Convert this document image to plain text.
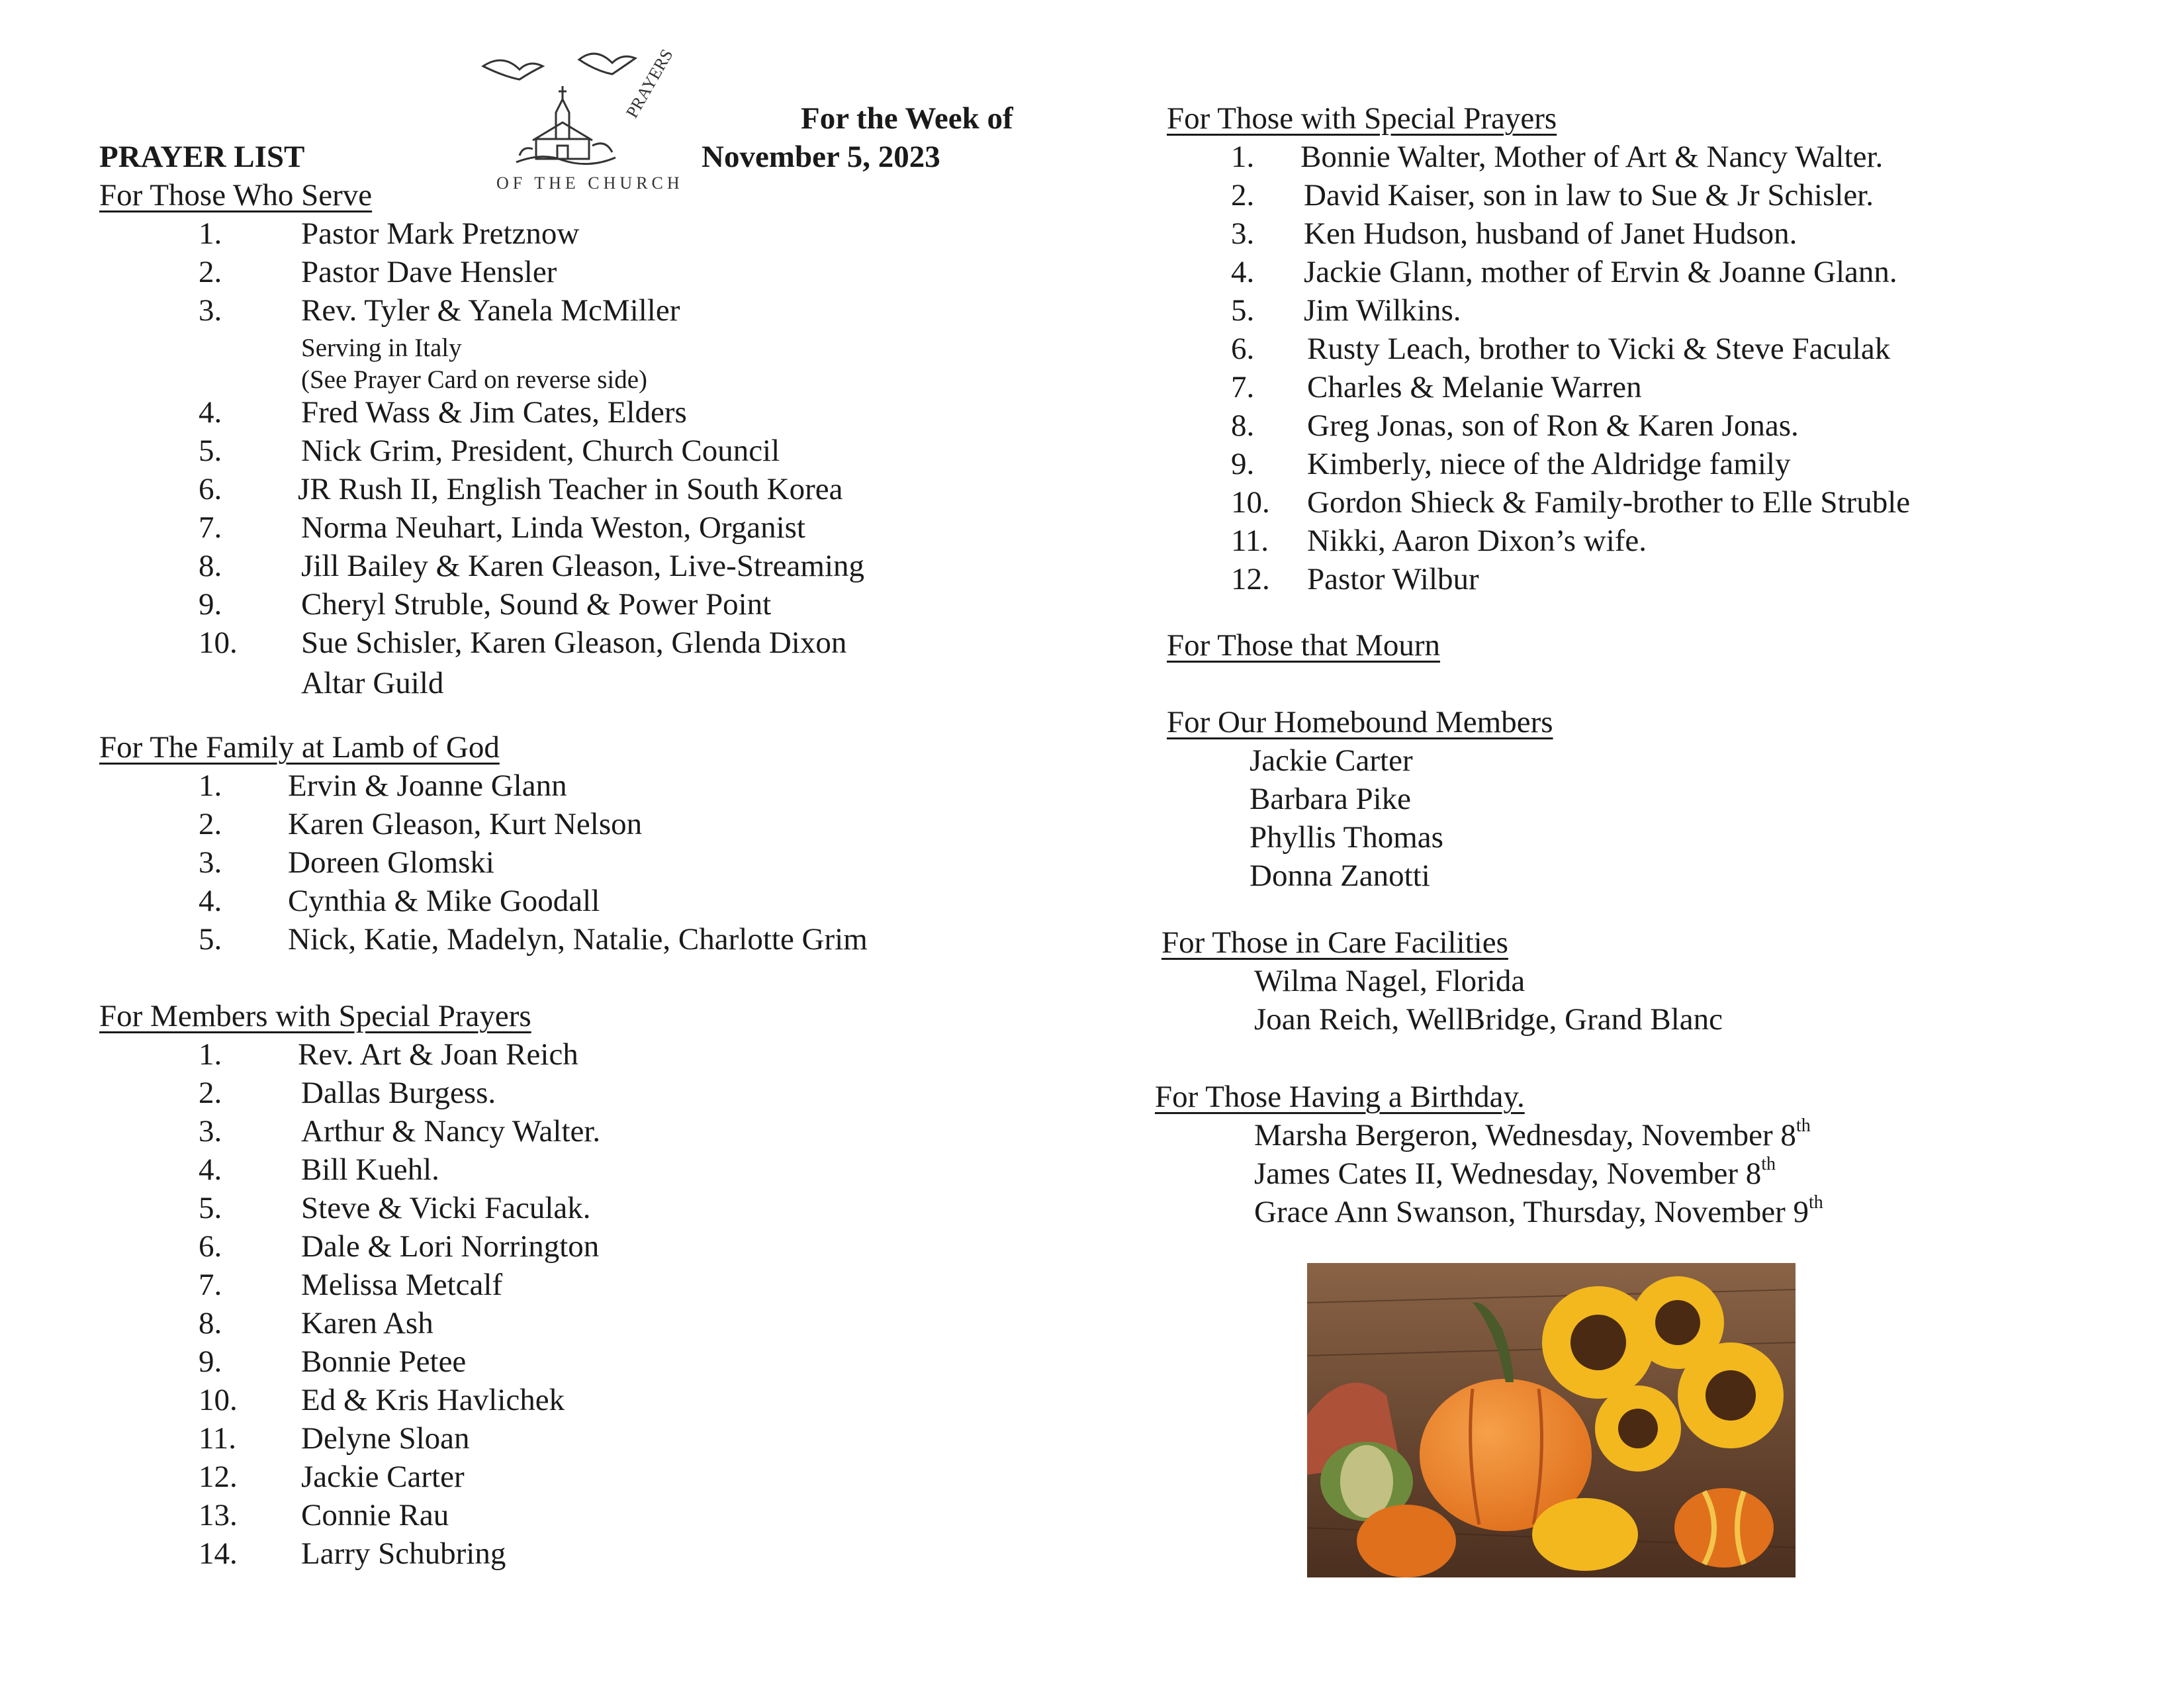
PRAYERS
OF THE CHURCH
For the Week of
PRAYER LIST	November 5, 2023
For Those Who Serve
Serving in Italy
(See Prayer Card on reverse side)
1.	Pastor Mark Pretznow
2.	Pastor Dave Hensler
3.	Rev. Tyler & Yanela McMiller
4.	Fred Wass & Jim Cates, Elders
5.	Nick Grim, President, Church Council
6. JR Rush II, English Teacher in South Korea
7.	Norma Neuhart, Linda Weston, Organist
8.	Jill Bailey & Karen Gleason, Live-Streaming
9.	Cheryl Struble, Sound & Power Point
10. Sue Schisler, Karen Gleason, Glenda Dixon
Altar Guild
For The Family at Lamb of God
1. Ervin & Joanne Glann
2. Karen Gleason, Kurt Nelson
3. Doreen Glomski
4. Cynthia & Mike Goodall
5. Nick, Katie, Madelyn, Natalie, Charlotte Grim
For Members with Special Prayers
1. Rev. Art & Joan Reich
2.	Dallas Burgess.
3.	Arthur & Nancy Walter.
4.	Bill Kuehl.
5.	Steve & Vicki Faculak.
6.	Dale & Lori Norrington
7.	Melissa Metcalf
8.	Karen Ash
9.	Bonnie Petee
10. Ed & Kris Havlichek
11. Delyne Sloan
12. Jackie Carter
13. Connie Rau
14. Larry Schubring
For Those with Special Prayers
1. Bonnie Walter, Mother of Art & Nancy Walter.
2. David Kaiser, son in law to Sue & Jr Schisler.
3. Ken Hudson, husband of Janet Hudson.
4. Jackie Glann, mother of Ervin & Joanne Glann.
5. Jim Wilkins.
6. Rusty Leach, brother to Vicki & Steve Faculak
7. Charles & Melanie Warren
8. Greg Jonas, son of Ron & Karen Jonas.
9. Kimberly, niece of the Aldridge family
10. Gordon Shieck & Family-brother to Elle Struble
11. Nikki, Aaron Dixon’s wife.
12. Pastor Wilbur
For Those that Mourn
For Our Homebound Members
Jackie Carter
Barbara Pike
Phyllis Thomas
Donna Zanotti
For Those in Care Facilities
Wilma Nagel, Florida
Joan Reich, WellBridge, Grand Blanc
For Those Having a Birthday.
Marsha Bergeron, Wednesday, November 8th
James Cates II, Wednesday, November 8th
Grace Ann Swanson, Thursday, November 9th
